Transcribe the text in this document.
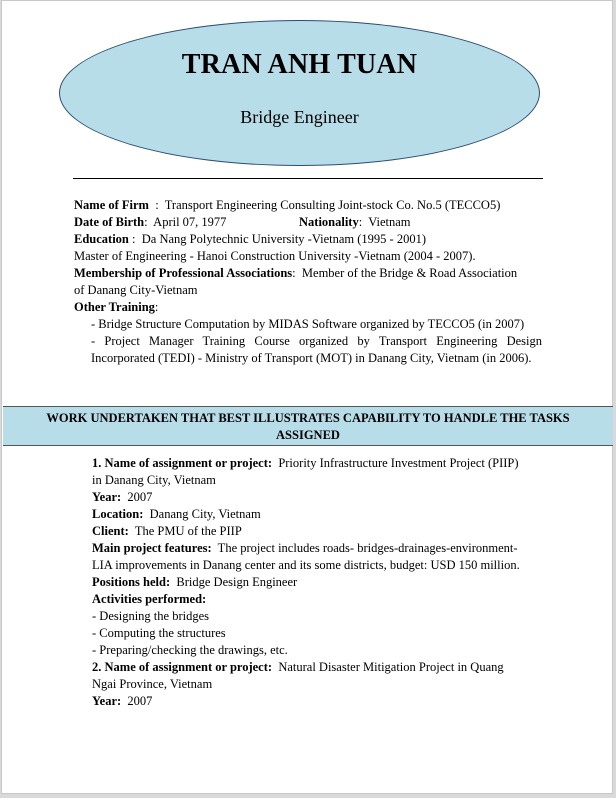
TRAN ANH TUAN
Bridge Engineer
Name of Firm  :  Transport Engineering Consulting Joint-stock Co. No.5 (TECCO5)
Date of Birth:  April 07, 1977	Nationality:  Vietnam
Education :  Da Nang Polytechnic University -Vietnam (1995 - 2001)
Master of Engineering - Hanoi Construction University -Vietnam (2004 - 2007).
Membership of Professional Associations:  Member of the Bridge & Road Association
of Danang City-Vietnam
Other Training:
- Bridge Structure Computation by MIDAS Software organized by TECCO5 (in 2007)
- Project Manager Training Course organized by Transport Engineering Design Incorporated (TEDI) - Ministry of Transport (MOT) in Danang City, Vietnam (in 2006).
WORK UNDERTAKEN THAT BEST ILLUSTRATES CAPABILITY TO HANDLE THE TASKS
ASSIGNED
1. Name of assignment or project:  Priority Infrastructure Investment Project (PIIP)
in Danang City, Vietnam
Year:  2007
Location:  Danang City, Vietnam
Client:  The PMU of the PIIP
Main project features:  The project includes roads- bridges-drainages-environment-
LIA improvements in Danang center and its some districts, budget: USD 150 million.
Positions held:  Bridge Design Engineer
Activities performed:
- Designing the bridges
- Computing the structures
- Preparing/checking the drawings, etc.
2. Name of assignment or project:  Natural Disaster Mitigation Project in Quang
Ngai Province, Vietnam
Year:  2007
